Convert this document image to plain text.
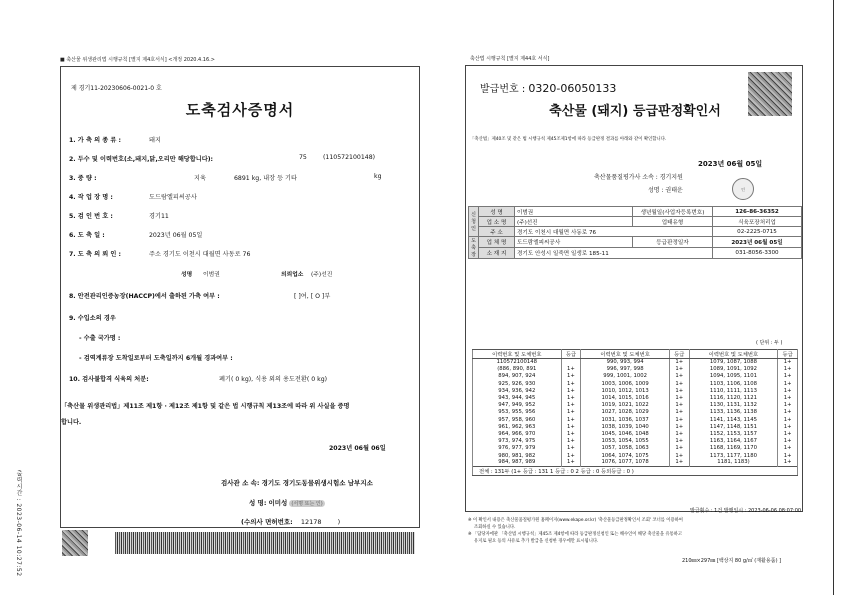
■ 축산물 위생관리법 시행규칙 [별지 제4호서식] <개정 2020.4.16.>
제 경기11-20230606-0021-0 호
도축검사증명서
1. 가 축 의 종 류 :	돼지
2. 두수 및 이력번호(소,돼지,닭,오리만 해당합니다):	75	(110572100148)
3. 중 량 :	지육	6891 kg, 내장 등 기타	kg
4. 작 업 장 명 :	도드람엘피씨공사
5. 검 인 번 호 :	경기11
6. 도 축 일 :	2023년 06월 05일
7. 도 축 의 뢰 인 :	주소 경기도 이천시 대월면 사동로 76
성명 이범권	의뢰업소 (주)선진
8. 안전관리인증농장(HACCP)에서 출하된 가축 여부 :	[ ]여, [ O ]부
9. 수입소의 경우
- 수출 국가명 :
- 검역계류장 도착일로부터 도축일까지 6개월 경과여부 :
10. 검사불합격 식육의 처분:	폐기( 0 kg), 식용 외의 용도전환( 0 kg)
「축산물 위생관리법」제11조 제1항 · 제12조 제1항 및 같은 법 시행규칙 제13조에 따라 위 사실을 증명
합니다.
2023년 06월 06일
검사관 소 속: 경기도 경기도동물위생시험소 남부지소
성 명: 이미성 (서명 또는 인)
(수의사 면허번호: 12178 )
출력시간 : 2023-06-14 10:27:52
축산법 시행규칙 [별지 제44호 서식]
발급번호 : 0320-06050133
축산물 (돼지) 등급판정확인서
「축산법」제40조 및 같은 법 시행규칙 제45조제1항에 따라 등급판정 결과를 아래와 같이 확인합니다.
2023년 06월 05일
축산물품질평가사 소속 : 경기지원
성명 : 권태운	인
신청인	성 명	이범권	생년월일(사업자등록번호)	126-86-36352
	업 소 명	(주)선진	업태유형	식육포장처리업
	주 소	경기도 이천시 대월면 사동로 76		02-2225-0715
도축장	업 체 명	도드람엘피씨공사	등급판정일자	2023년 06월 05일
	소 재 지	경기도 안성시 일죽면 일생로 185-11		031-8056-3300
( 단위 : 두 )
이력번호 및 도체번호	등급	이력번호 및 도체번호	등급	이력번호 및 도체번호	등급
110572100148		990, 993, 994	1+	1079, 1087, 1088	1+
(886, 890, 891	1+	996, 997, 998	1+	1089, 1091, 1092	1+
894, 907, 924	1+	999, 1001, 1002	1+	1094, 1095, 1101	1+
925, 926, 930	1+	1003, 1006, 1009	1+	1103, 1106, 1108	1+
934, 936, 942	1+	1010, 1012, 1013	1+	1110, 1111, 1113	1+
943, 944, 945	1+	1014, 1015, 1016	1+	1116, 1120, 1121	1+
947, 949, 952	1+	1019, 1021, 1022	1+	1130, 1131, 1132	1+
953, 955, 956	1+	1027, 1028, 1029	1+	1133, 1136, 1138	1+
957, 958, 960	1+	1031, 1036, 1037	1+	1141, 1143, 1145	1+
961, 962, 963	1+	1038, 1039, 1040	1+	1147, 1148, 1151	1+
964, 966, 970	1+	1045, 1046, 1048	1+	1152, 1153, 1157	1+
973, 974, 975	1+	1053, 1054, 1055	1+	1163, 1164, 1167	1+
976, 977, 979	1+	1057, 1058, 1063	1+	1168, 1169, 1170	1+
980, 981, 982	1+	1064, 1074, 1075	1+	1173, 1177, 1180	1+
984, 987, 989	1+	1076, 1077, 1078	1+	1181, 1183)	1+
전체 : 131두 (1+ 등급 : 131 1 등급 : 0 2 등급 : 0 등외등급 : 0 )					
발급횟수 : 1건 발행일시 : 2023-06-06 08:07:00
※ 이 확인서 내용은 축산물품질평가원 홈페이지(www.ekape.or.kr) '축산물등급판정확인서 조회' 코너를 이용하여
조회하실 수 있습니다.
※ 「담당자에관 「축산법 시행규칙」제45조 제4항에 따라 등급판정신청인 또는 해수인이 해당 축산물을 유통하고
유지로 필요 등의 사유로 추가 발급을 신청한 경우에만 표시됩니다.
210㎜×297㎜ [백상지 80 g/㎡ (재활용품) ]
